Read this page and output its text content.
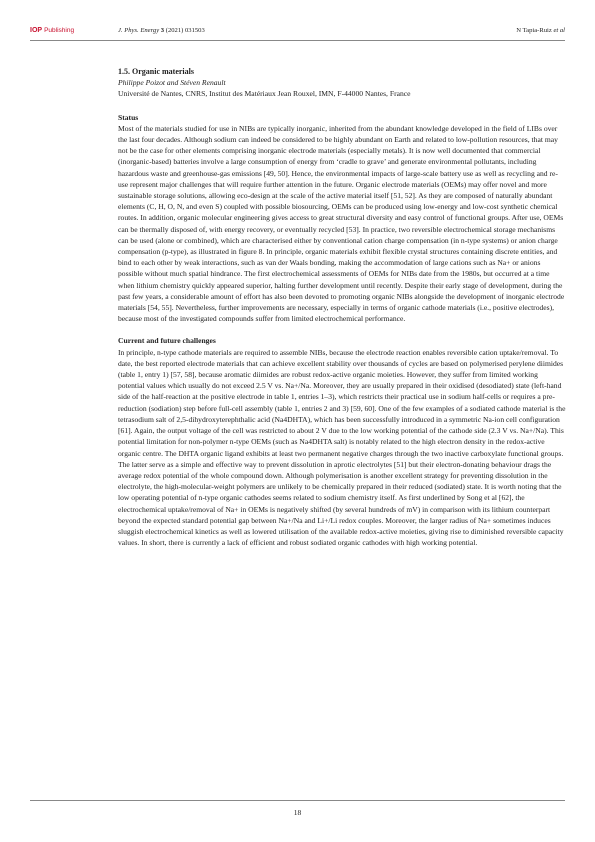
IOP Publishing	J. Phys. Energy 3 (2021) 031503	N Tapia-Ruiz et al

1.5. Organic materials

Philippe Poizot and Stéven Renault

Université de Nantes, CNRS, Institut des Matériaux Jean Rouxel, IMN, F-44000 Nantes, France

Status

Most of the materials studied for use in NIBs are typically inorganic, inherited from the abundant knowledge developed in the field of LIBs over the last four decades. Although sodium can indeed be considered to be highly abundant on Earth and related to low-pollution resources, that may not be the case for other elements comprising inorganic electrode materials (especially metals). It is now well documented that commercial (inorganic-based) batteries involve a large consumption of energy from ‘cradle to grave’ and generate environmental pollutants, including hazardous waste and greenhouse-gas emissions [49, 50]. Hence, the environmental impacts of large-scale battery use as well as recycling and re-use represent major challenges that will require further attention in the future. Organic electrode materials (OEMs) may offer novel and more sustainable storage solutions, allowing eco-design at the scale of the active material itself [51, 52]. As they are composed of naturally abundant elements (C, H, O, N, and even S) coupled with possible biosourcing, OEMs can be produced using low-energy and low-cost synthetic chemical routes. In addition, organic molecular engineering gives access to great structural diversity and easy control of functional groups. After use, OEMs can be thermally disposed of, with energy recovery, or eventually recycled [53]. In practice, two reversible electrochemical storage mechanisms can be used (alone or combined), which are characterised either by conventional cation charge compensation (in n-type systems) or anion charge compensation (p-type), as illustrated in figure 8. In principle, organic materials exhibit flexible crystal structures containing discrete entities, and bind to each other by weak interactions, such as van der Waals bonding, making the accommodation of large cations such as Na+ or anions possible without much spatial hindrance. The first electrochemical assessments of OEMs for NIBs date from the 1980s, but occurred at a time when lithium chemistry quickly appeared superior, halting further development until recently. Despite their early stage of development, during the past few years, a considerable amount of effort has also been devoted to promoting organic NIBs alongside the development of inorganic electrode materials [54, 55]. Nevertheless, further improvements are necessary, especially in terms of organic cathode materials (i.e., positive electrodes), because most of the investigated compounds suffer from limited electrochemical performance.

Current and future challenges

In principle, n-type cathode materials are required to assemble NIBs, because the electrode reaction enables reversible cation uptake/removal. To date, the best reported electrode materials that can achieve excellent stability over thousands of cycles are based on polymerised perylene diimides (table 1, entry 1) [57, 58], because aromatic diimides are robust redox-active organic moieties. However, they suffer from limited working potential values which usually do not exceed 2.5 V vs. Na+/Na. Moreover, they are usually prepared in their oxidised (desodiated) state (left-hand side of the half-reaction at the positive electrode in table 1, entries 1–3), which restricts their practical use in sodium half-cells or requires a pre-reduction (sodiation) step before full-cell assembly (table 1, entries 2 and 3) [59, 60]. One of the few examples of a sodiated cathode material is the tetrasodium salt of 2,5-dihydroxyterephthalic acid (Na4DHTA), which has been successfully introduced in a symmetric Na-ion cell configuration [61]. Again, the output voltage of the cell was restricted to about 2 V due to the low working potential of the cathode side (2.3 V vs. Na+/Na). This potential limitation for non-polymer n-type OEMs (such as Na4DHTA salt) is notably related to the high electron density in the redox-active organic centre. The DHTA organic ligand exhibits at least two permanent negative charges through the two inactive carboxylate functional groups. The latter serve as a simple and effective way to prevent dissolution in aprotic electrolytes [51] but their electron-donating behaviour drags the average redox potential of the whole compound down. Although polymerisation is another excellent strategy for preventing dissolution in the electrolyte, the high-molecular-weight polymers are unlikely to be chemically prepared in their reduced (sodiated) state. It is worth noting that the low operating potential of n-type organic cathodes seems related to sodium chemistry itself. As first underlined by Song et al [62], the electrochemical uptake/removal of Na+ in OEMs is negatively shifted (by several hundreds of mV) in comparison with its lithium counterpart beyond the expected standard potential gap between Na+/Na and Li+/Li redox couples. Moreover, the larger radius of Na+ sometimes induces sluggish electrochemical kinetics as well as lowered utilisation of the available redox-active moieties, giving rise to diminished reversible capacity values. In short, there is currently a lack of efficient and robust sodiated organic cathodes with high working potential.

18
